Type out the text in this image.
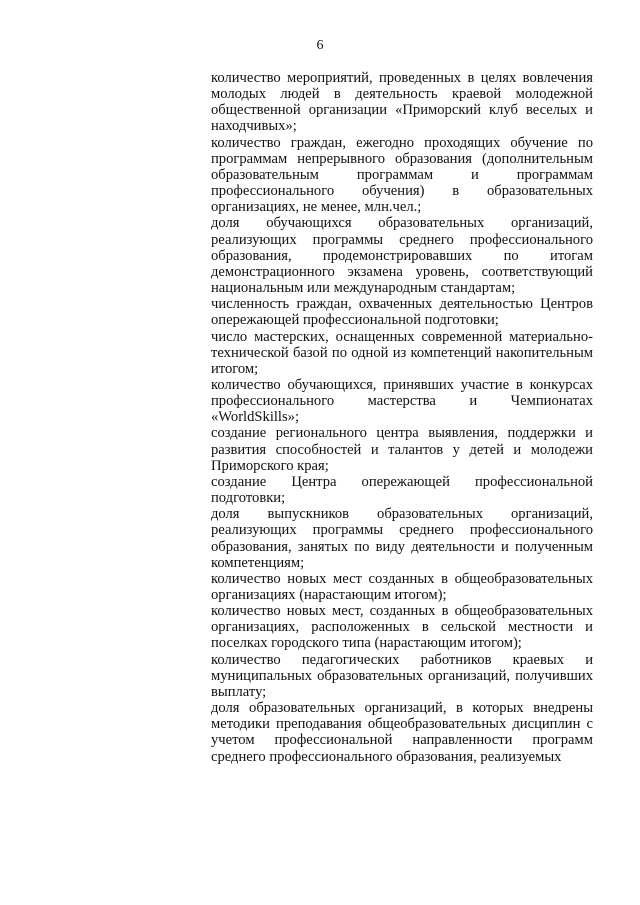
6

количество мероприятий, проведенных в целях вовлечения молодых людей в деятельность краевой молодежной общественной организации «Приморский клуб веселых и находчивых»;

количество граждан, ежегодно проходящих обучение по программам непрерывного образования (дополнительным образовательным программам и программам профессионального обучения) в образовательных организациях, не менее, млн.чел.;

доля обучающихся образовательных организаций, реализующих программы среднего профессионального образования, продемонстрировавших по итогам демонстрационного экзамена уровень, соответствующий национальным или международным стандартам;

численность граждан, охваченных деятельностью Центров опережающей профессиональной подготовки;

число мастерских, оснащенных современной материально-технической базой по одной из компетенций накопительным итогом;

количество обучающихся, принявших участие в конкурсах профессионального мастерства и Чемпионатах «WorldSkills»;

создание регионального центра выявления, поддержки и развития способностей и талантов у детей и молодежи Приморского края;

создание Центра опережающей профессиональной подготовки;

доля выпускников образовательных организаций, реализующих программы среднего профессионального образования, занятых по виду деятельности и полученным компетенциям;

количество новых мест созданных в общеобразовательных организациях (нарастающим итогом);

количество новых мест, созданных в общеобразовательных организациях, расположенных в сельской местности и поселках городского типа (нарастающим итогом);

количество педагогических работников краевых и муниципальных образовательных организаций, получивших выплату;

доля образовательных организаций, в которых внедрены методики преподавания общеобразовательных дисциплин с учетом профессиональной направленности программ среднего профессионального образования, реализуемых
